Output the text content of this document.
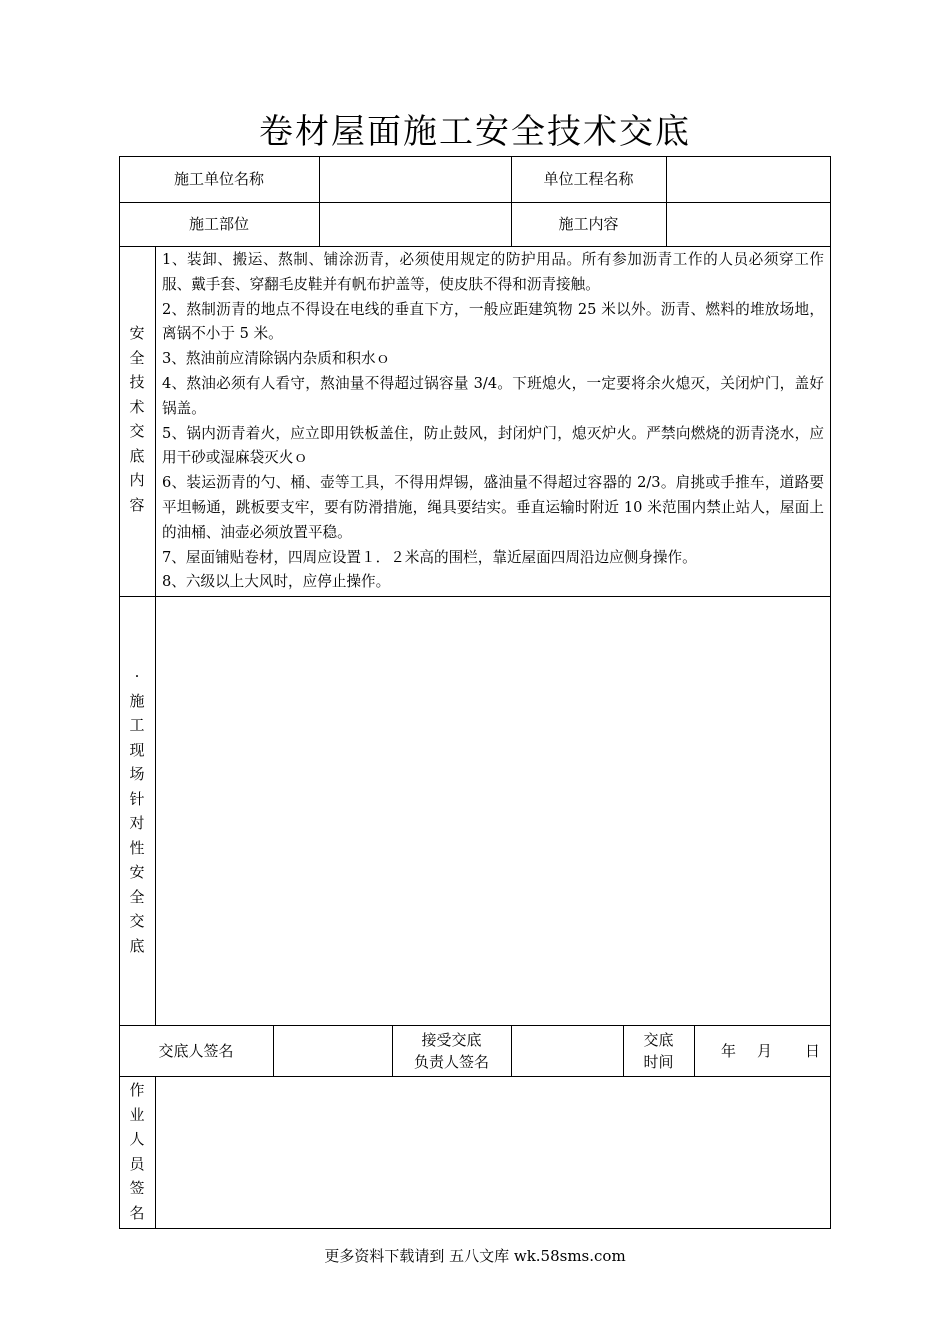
卷材屋面施工安全技术交底
施工单位名称	单位工程名称
施工部位	施工内容
安
全
技
术
交
底
内
容

1、装卸、搬运、熬制、铺涂沥青，必须使用规定的防护用品。所有参加沥青工作的人员必须穿工作服、戴手套、穿翻毛皮鞋并有帆布护盖等，使皮肤不得和沥青接触。

2、熬制沥青的地点不得设在电线的垂直下方，一般应距建筑物 25 米以外。沥青、燃料的堆放场地，离锅不小于 5 米。

3、熬油前应清除锅内杂质和积水ｏ

4、熬油必须有人看守，熬油量不得超过锅容量 3/4。下班熄火，一定要将余火熄灭，关闭炉门，盖好锅盖。

5、锅内沥青着火，应立即用铁板盖住，防止鼓风，封闭炉门，熄灭炉火。严禁向燃烧的沥青浇水，应用干砂或湿麻袋灭火ｏ

6、装运沥青的勺、桶、壶等工具，不得用焊锡，盛油量不得超过容器的 2/3。肩挑或手推车，道路要平坦畅通，跳板要支牢，要有防滑措施，绳具要结实。垂直运输时附近 10 米范围内禁止站人，屋面上的油桶、油壶必须放置平稳。

7、屋面铺贴卷材，四周应设置１．２米高的围栏，靠近屋面四周沿边应侧身操作。

8、六级以上大风时，应停止操作。

·
施
工
现
场
针
对
性
安
全
交
底
交底人签名
接受交底
负责人签名
交底
时间
年 月 日
作
业
人
员
签
名
更多资料下载请到 五八文库 wk.58sms.com
